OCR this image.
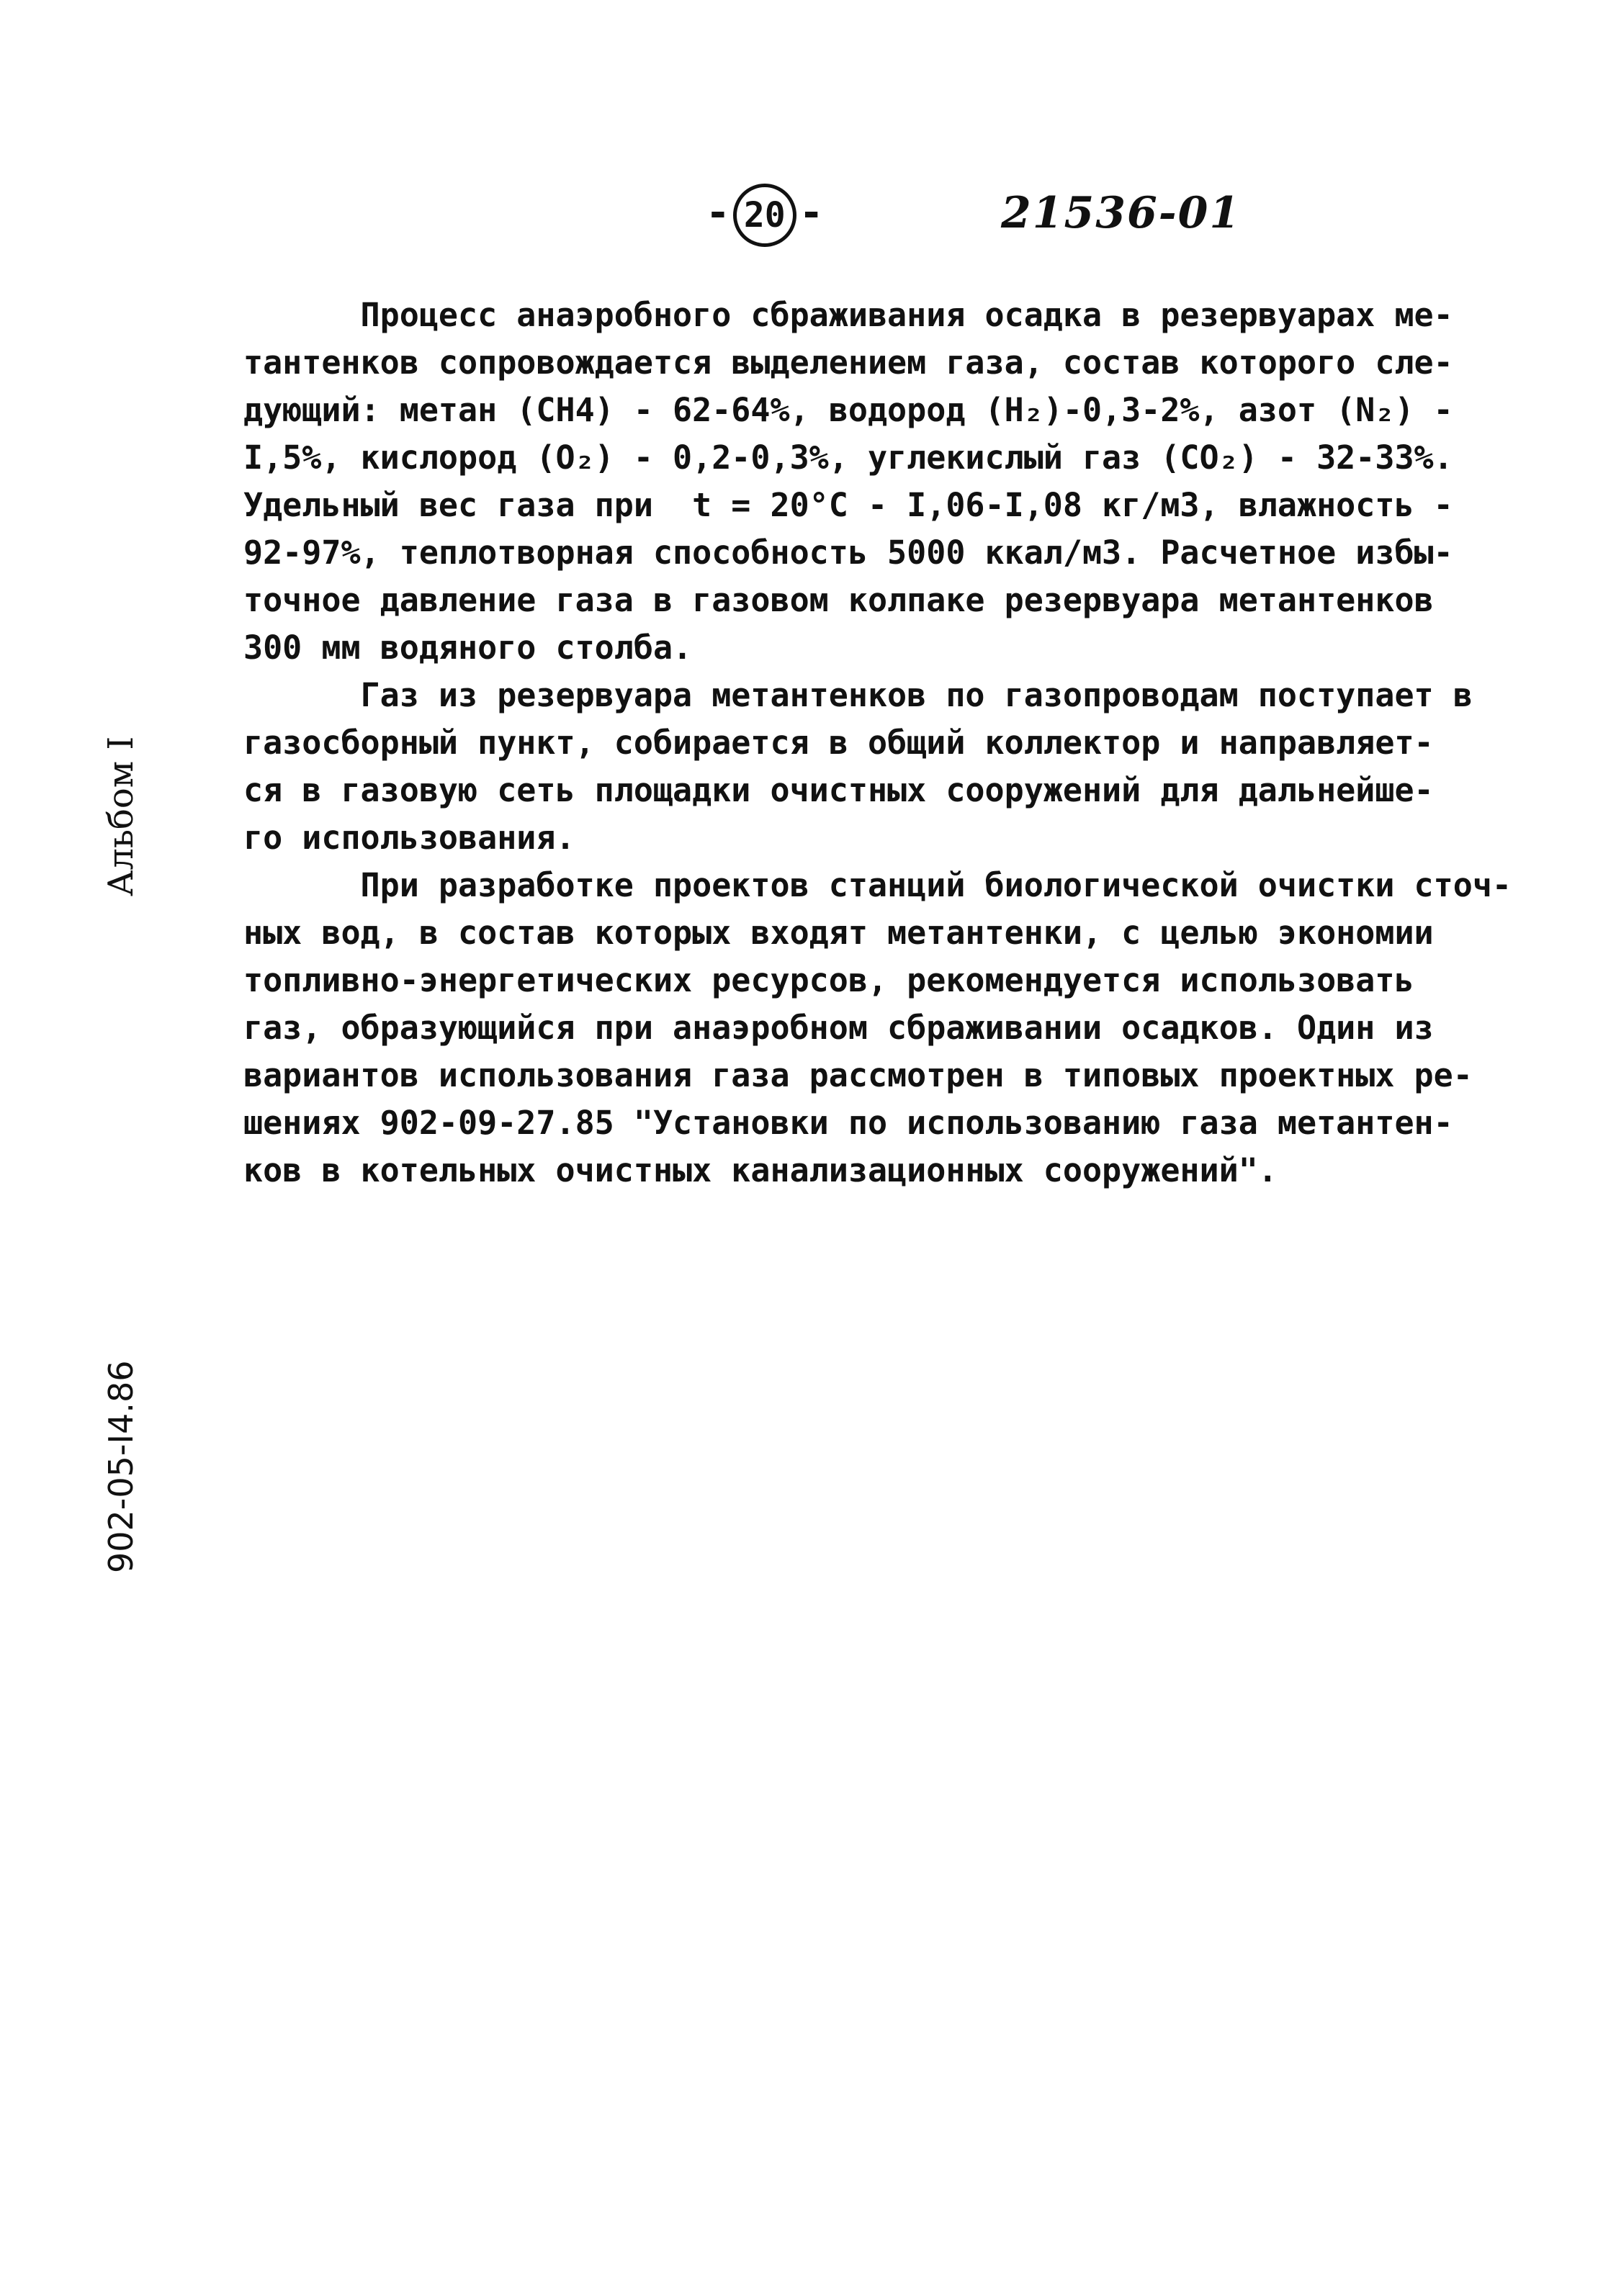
- 20 -	21536-01
Процесс анаэробного сбраживания осадка в резервуарах ме-
тантенков сопровождается выделением газа, состав которого сле-
дующий: метан (СН4) - 62-64%, водород (Н₂)-0,3-2%, азот (N₂) -
I,5%, кислород (O₂) - 0,2-0,3%, углекислый газ (CO₂) - 32-33%.
Удельный вес газа при  t = 20°C - I,06-I,08 кг/м3, влажность -
92-97%, теплотворная способность 5000 ккал/м3. Расчетное избы-
точное давление газа в газовом колпаке резервуара метантенков
300 мм водяного столба.
Газ из резервуара метантенков по газопроводам поступает в
газосборный пункт, собирается в общий коллектор и направляет-
ся в газовую сеть площадки очистных сооружений для дальнейше-
го использования.
При разработке проектов станций биологической очистки сточ-
ных вод, в состав которых входят метантенки, с целью экономии
топливно-энергетических ресурсов, рекомендуется использовать
газ, образующийся при анаэробном сбраживании осадков. Один из
вариантов использования газа рассмотрен в типовых проектных ре-
шениях 902-09-27.85 "Установки по использованию газа метантен-
ков в котельных очистных канализационных сооружений".
Альбом I
902-05-I4.86
